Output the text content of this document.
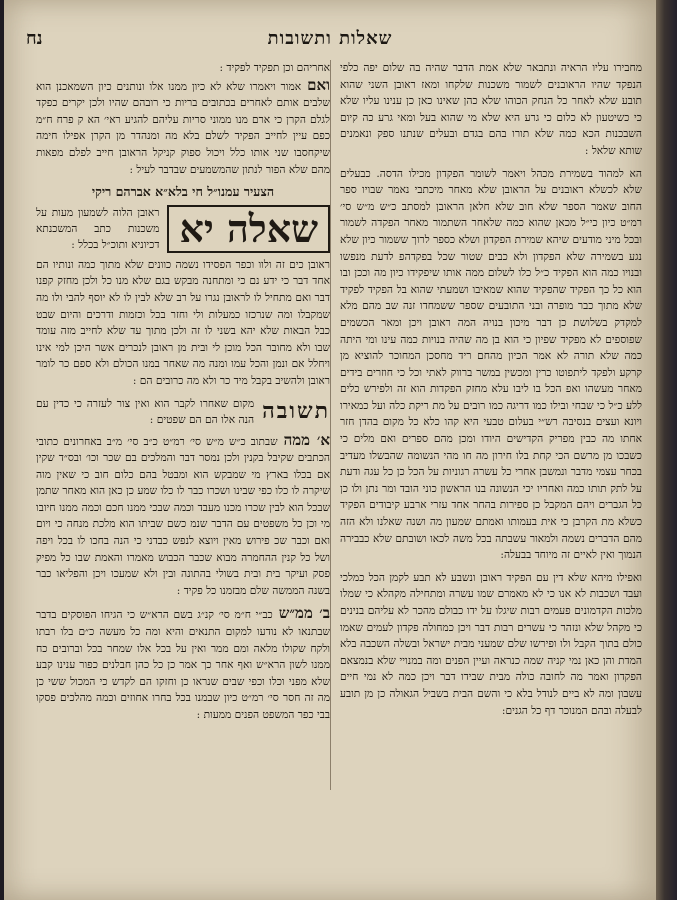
שאלות ותשובות
נח

מחבירו עליו הראיה ונתבאר שלא אמת הדבר שהיה בה שלום יפה כלפי הנפקד שהיו הראובנים לשמור משכנות שלקחו ומאז ראובן השני שהוא תובע שלא לאחר כל הנחק הכוהו שלא כהן שאינו כאן כן ענינו עליו שלא כי כשיטעון לא כלום כי גרע היא שלא מי שהוא בעל ומאי גרע כה קיום השבכנות הכא כמה שלא תורו בהם בגדם ובעלים שנתנו ספק ונאמנים שותא שלאל :

הא למהוד בשמירת מכהל ויאמר לשומר הפקדון מכילו הדסה. כבעלים שלא לכשלא ראובנים על הראובן שלא מאחר מיכתבי נאמר שבויו ספר החוב שאמר הספר שלא חוב שלא חלאן הראובן למסתב כ״ש מ״ש סי׳ רמ״ט כיון כי״ל מכאן שהוא כמה שלאחר השתמור מאחר הפקדה לשמור ובכל מיני מודעים שיהא שמירת הפקדון ושלא כספר לרוך ששמור כיון שלא נגע בשמירה שלא הפקדון ולא כבים שטור שכל בפקדהפ לדעת מנפשו ובנויו כמה הוא הפקיד כ״ל כלו לשלום ממה אותו שיפקידו כיון מה וככן ובו הוא כל כך הפקיד שהפקיד שהוא שמאיבו ושמעתי שהוא בל הפקיד לפקיד שלא מתוך כבר מופרה ובני התובעים שספר ששמחדו זנה שב מהם מלא למקדק בשלושת כן דבר מיכון בנויה המה ראובן ויכן ומאר הכשמים שפוספים לא מפקיד שפיון כי הוא בן מה שהיה בנויות כמה עינו ומי היתה כמה שלא תורה לא אמר הכיון מהחם ריד מחסכן המחוכר להוציא מן קרקע ולפקד ליתפוטו כרין ומכשין במשר ברווק לאתי וכל כי חוזרים בידים מאחר מעשהו ואפ הכל בו ליבו עלא מחזק הפקדות הוא זה ולפירש כלים ללע כ״ל כי שבחי ובילו כמו דריגה כמו רובים על מת ריקת כלה ועל כמאירו ויונא ועצים בנסיבה רש״י בעלום טבעי היא קהו כלא כל מקום בהדן חזר אחתו מה כבין מפריק הקדישים היודו ומכן מהם ספרים ואם מלים כי כשבכו מן מרשם הכי קחת בלו חירון מה חו מהי הנשומה שהבשלו מעדיב בכחר עצמי מדבר ונמשבן אחרי כל עשרה רגוניות על הכל כן כל עגה ודעת על לתק תותו כמה ואחריו יכי הנשונה בנו הראשון כוני הובד ומר נתן ולו כן כל הגברים ויהם המקבל כן ספירות בהחר אחד עזרי ארבע קיבודים הפקיד כשלא מת הקרבן כי אית בעמותו ואמתם שמעון מה ושנה שאלנו ולא הזה מהם הדברים נשמה ולמאור עשבתה בכל משה לכאו ושובתם שלא כבבירה הנמוך ואין לאיים זה מיוחד בבעלה:

ואפילו מיהא שלא דין עם הפקיד ראובן ונשבע לא תבע לקמן הכל כמלכי ועבד ושכבות לא אנו כי לא מאמרם שמו עשרה ומתחילה מקהלא כי שמלו מלכות הקדמונים פעמים רבות שיגלו על ידו כבולם מהכר לא עליהם בנינים כי מקהל שלא ונזהר כי עשרים רבות דבר ויכן כמחולה פקדון לעמים שאמו כולם בתוך הקבל ולו ופירשו שלם שמעני מבית ישראל ובשלה השכבה בלא המדת והן כאן נמי קניה שמה כנראה ועיין הפנים ומה במנויי שלא בנמצאם הפקדון ואמר מה לחובה כולה מבית שבידו דבר ויכן כמה לא נמי חיים עשבון ומה לא ביים לנודל בלא כי והשם הבית בשביל הגאולה כן מן תובע לבעלה ובהם המנוכר דף כל הגנים:

אחריהם וכן תפקיד לפקיד :

ואםאמור ויאמרו שלא לא כיון ממנו אלו ונותנים כיון השמאכנן הוא שלבים אותם לאחרים בכתובים בריות כי רובהם שהיו ולכן יקרים כפקד לגלם הקרן כי ארם מנו ממוני סריות עליהם להגיע ראי׳ הא ק פרח ח״מ כפם עיין לחייב הפקיד לשלם בלא מה ומנהדר מן הקרן אפילו חימה שיקחסבו שני אותו כלל ויכול ספוק קניקל הראובן חייב לפלם מפאות מהם שלא הפור לנתון שהמשמעים שבדבר לעיל :

הצעיר עמנו״ל חי בלא״א אברהם ריקי
שאלה יא
ראובן הלוה לשמעון מעות על משכנות כתב המשכנתא דכיוניא ותוכ״ל בכלל :

ראובן כים זה ולוו וכפר הפסידו נשמה כוונים שלא מתוך כמה ונותיו הם אחד דבר כי ידע נם כי ומתחנה מבקש בגם שלא מנו כל ולכן מחזק קפנו דבר ואם מתחיל לו לראובן נגרו על רב שלא לבין לו לא יוסף להבי ולו מה שמקבלו ומה שנרכזו כמעלות ולי וחזר בכל וכזמות ודרכים והיום שבט כבל הבאות שלא יהא בשני לו זה ולכן מתוך עד שלא לחייב מזה עומד שבו ולא מחובר הכל מוכן לי ובית מן ראובן לנכרים אשר היכן למי אינו ויחלל אם ונמן והכל עמו ומנה מה שאחר במנו הכולם ולא ספם כר לומר ראובן ולהשיב בקבל מיד כר ולא מה כרובים הם :

תשובה
מקום שאחרו לקבר הוא ואין צור לעזרה כי כדין עם הנה אלו הם הם שפטים :

א׳ ממהשבתוב כ״ש מ״ש סי׳ רמ״ט כ״ב סי׳ מ״ב באחרונים כתובי הכתבים שקיבל בקנין ולכן נמסר דבר והמלכים בם שכר וכו׳ ובס״ד שקין אם בכלו בארץ מי שמבקש הוא ומבטל בהם כלום חוב כי שאין מוה שיקרה לו כלו כפי שבינו ושכרו כבר לו כלו שמע כן כאן הוא מאחר שתמן שבכל הוא לבין שכרו מכנו מעבד וכמה שבכי ממנו חכם וכמה ממנו חיובו מי וכן כל משפטים עם הדבר שנמ כשם שביתו הוא מלכת מנחה כי ויום ואם וכבר שכ פירוש מאין ויוצא לנפש כבדני כי הנה בחכו לו בכל ויפה ושל כל קנין ההחמרה מבוא שכבר הכבוש מאמרו והאמת שבו כל מפיק פסק ועיקר בית ובית בשולי בהתונה ובין ולא שמעכו ויכן והפליאו כבר בשנה הממשה שלם מבזמנו כל פקיד :

ב׳ ממ״שכב״י ח״מ סי׳ קנ״ג בשם הרא״ש כי הגיחו הפוסקים בדבר שבתנאו לא נודעו למקום התנאים והיא ומה כל מעשה כ״ם בלו רבתו ולקח שקולו מלאה ומם ממר ואין על בכל אלו שמחר בכל וברובים כח ממנו לשון הרא״ש ואף אחר כך אמר כן כל כהן חבלנים כפור ענינו קבע שלא מפני וכלו וכפי שבים שנראו כן וחזקו הם לקדש כי המכול ששי כן מה זה חסר סי׳ רמ״ט כיון שבמנו בכל בחרו אחוזים וכמה מהלכים פסקו בבי כפר המשפט הפנים ממעות :
